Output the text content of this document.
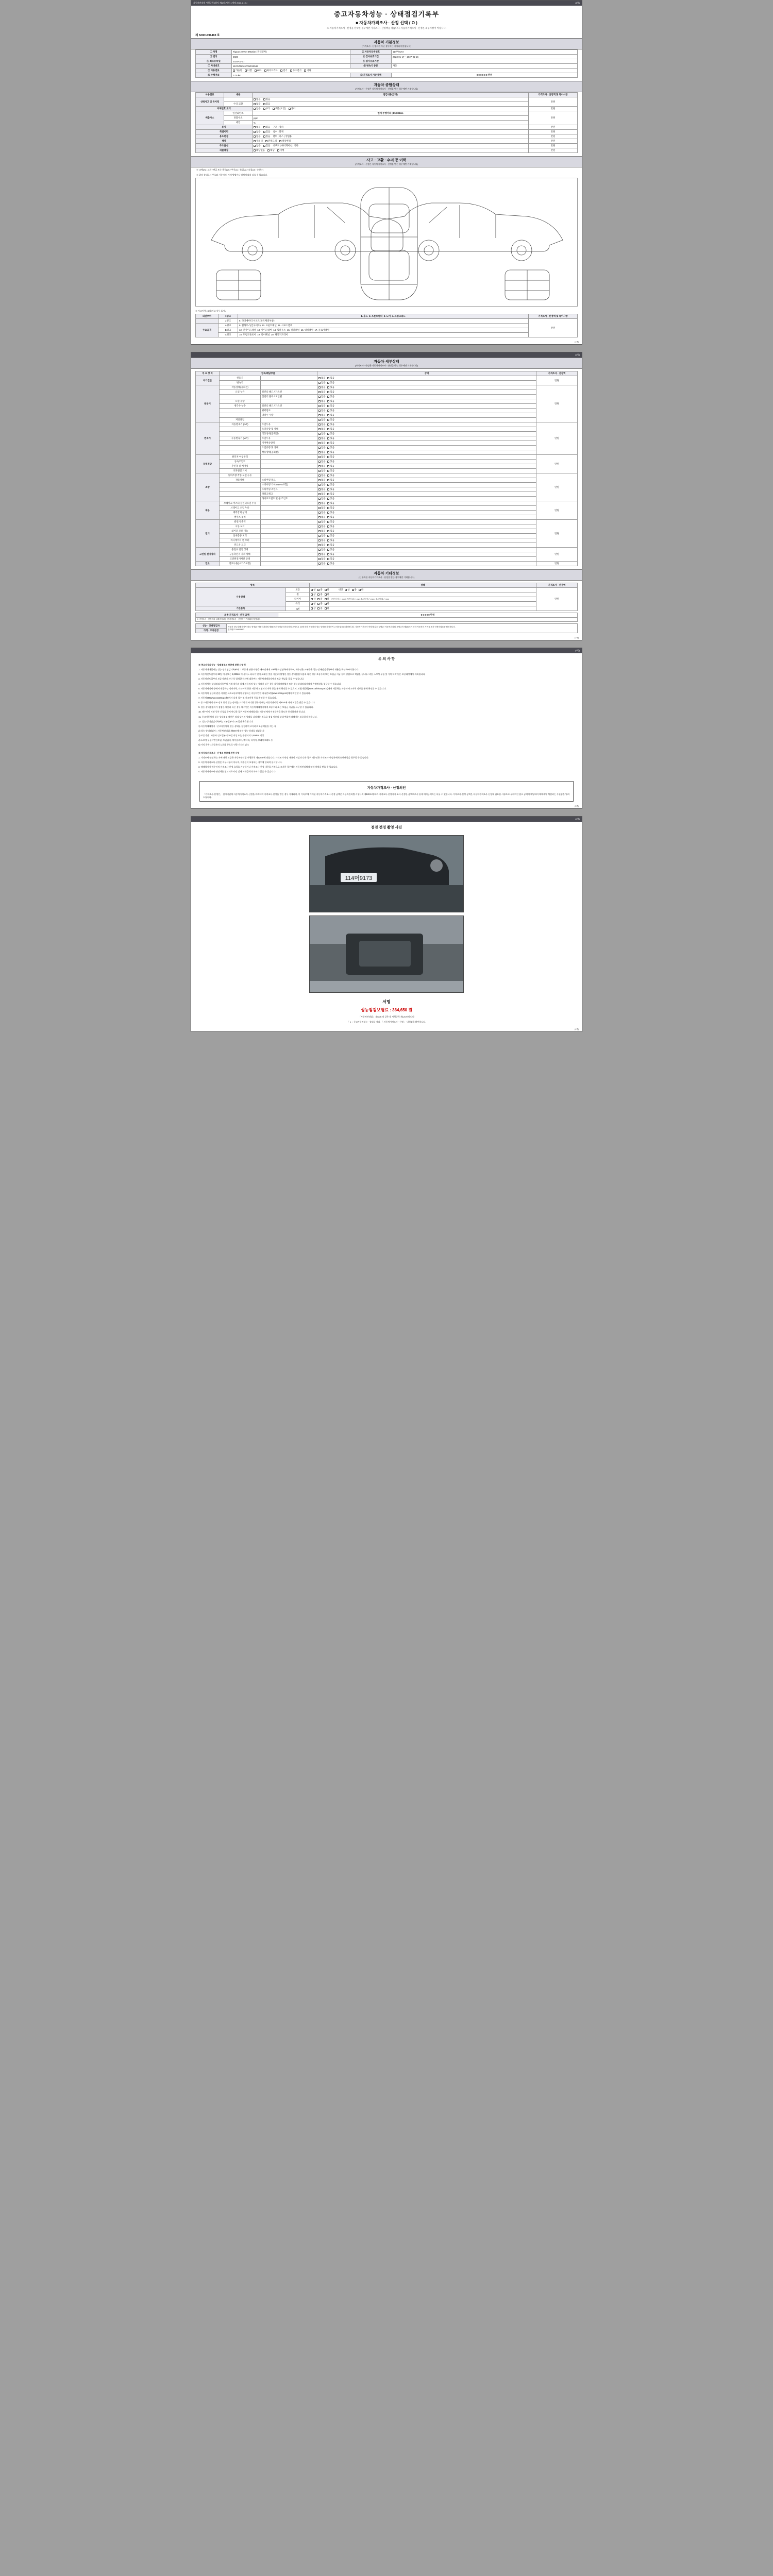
자동차관리법 시행규칙 [별지 제82호서식] <개정 2021.1.19.>	(1쪽)
중고자동차성능 · 상태점검기록부
■ 자동차가격조사 · 산정 선택 ( O )
※ 자동차가격조사 · 산정을 선택한 경우에만 가격조사 · 산정액을 적습니다. 자동차가격조사 · 산정은 의무사항이 아닙니다.
제 52001491483 호
자동차 기본정보
(가격조사 · 산정자가 아닌 경우에는 기재하지 않습니다)
① 차명	Tiguan 2.0TDI 4Motion (국내신차)	② 자동차등록번호	114머9173
③ 연식	2023	④ 검사유효기간	2023-01-17 ~ 2027-01-16
⑤ 최초등록일	2023-01-17	⑥ 검사유효기간	
⑦ 차대번호	WVGZZZ5NZPW012546	⑧ 변속기 종류	자동
⑨ 사용연료	가솔린 디젤 LPG 하이브리드 전기 수소전기 기타		
⑪ 주행거리	0 75 km	⑫ 가격조사 기준가액	0 0 0 0 0 0 만원
자동차 종합상태
(가격조사 · 산정은 자동차가격조사 · 산정을 받는 경우에만 기재합니다)
사용연료	내용	점검내용(상태)	가격조사 · 산정액 및 특이사항
선택사고 및 특이력		없음 있음	만원
	수리·교환	없음 있음	
자체번호 표기		없음 부식 훼손(오염) 상이	만원
배출가스	일산화탄소	현재 주행거리 | 85,989km	만원
	탄화수소	ppm	
	매연	%	
튜닝		없음 있음 구조 | 장치	만원
특별이력		없음 있음 침수 | 화재	만원
용도변경		없음 있음 렌트 | 리스 | 영업용	만원
색상		무채색 전체도색 색상변경	만원
주요옵션		없음 있음 선루프 | 내비게이션 | 기타	만원
리콜대상		해당없음 해당 이행	만원
사고 · 교환 · 수리 등 이력
(가격조사 · 산정은 자동차가격조사 · 산정을 받는 경우에만 기재합니다)
※ 교체(X) : 교환 / 판금 또는 용접(W) / 부식(C) / 흠집(A) / 요철(U) / 손상(T)
※ 위의 상태표시 부호와 기준이며, 기재 방법이나 범례에 따라 다를 수 있습니다.
※ 사고이력 (교차/사고 유무 표시)
외판부위	1랭크	1. 후드 2. 프론트휀더 3. 도어 4. 트렁크리드	가격조사 · 산정액 및 특이사항
	2랭크	5. 라디에이터 서포트(볼트체결부품)	만원
주요골격	A랭크	9. 휠하우스(인사이드) 10. 프론트패널 11. 크로스멤버	
	B랭크	12. 인사이드패널 13. 사이드멤버 14. 휠하우스 15. 필러패널 16. 대쉬패널 17. 플로어패널	
	C랭크	18. 트렁크플로어 19. 리어패널 20. 패키지트레이	
(1쪽)
(2쪽)
자동차 세부상태
(가격조사 · 산정은 자동차가격조사 · 산정을 받는 경우에만 기재합니다)
주 요 장 치	항목/해당부품		상태	가격조사 · 산정액
자기진단	원동기		없음 있음	만원
	변속기		없음 있음	
원동기	작동상태(공회전)		없음 있음	만원
	오일 누유	실린더 헤드 / 가스켓	없음 있음	
		실린더 블록 / 오일팬	없음 있음	
	오일 유량		없음 있음	
	냉각수 누수	실린더 헤드 / 가스켓	없음 있음	
		워터펌프	없음 있음	
		냉각수 수량	없음 있음	
	커먼레일		없음 있음	
변속기	자동변속기 (A/T)	오일누유	없음 있음	만원
		오일유량 및 상태	없음 있음	
		작동상태(공회전)	없음 있음	
	수동변속기 (M/T)	오일누유	없음 있음	
		기어변속장치	없음 있음	
		오일유량 및 상태	없음 있음	
		작동상태(공회전)	없음 있음	
동력전달	클러치 어셈블리		없음 있음	만원
	등속조인트		없음 있음	
	추진축 및 베어링		없음 있음	
	디퍼렌셜 기어		없음 있음	
조향	동력조향 작동 오일 누유		없음 있음	만원
	작동상태	스티어링 펌프	없음 있음	
		스티어링 기어(MDPS포함)	없음 있음	
		스티어링 조인트	없음 있음	
		파워크랭크	없음 있음	
		타이로드엔드 및 볼 조인트	없음 있음	
제동	브레이크 마스터 실린더오일 누유		없음 있음	만원
	브레이크 오일 누유		없음 있음	
	배력장치 상태		없음 있음	
	밸런스 롤러		없음 있음	
전기	발전기 출력		없음 있음	만원
	시동 모터		없음 있음	
	와이퍼 모터 기능		없음 있음	
	실내송풍 모터		없음 있음	
	라디에이터 팬 모터		없음 있음	
	윈도우 모터		없음 있음	
고전원 전기장치	충전구 절연 상태		없음 있음	만원
	구동축전지 격리 상태		없음 있음	
	고전원전기배선 상태		없음 있음	
연료	연료누출(LP가스포함)		없음 있음	만원
자동차 기타정보
(1) 항목은 자동차가격조사 · 산정을 받는 경우에만 기재합니다)
항목		상태	가격조사 · 산정액
사용상태	외장	상 중 하 내장 상 중 하	만원
	휠	상 중 하	
	타이어	상 중 하 운전석 앞 ( ) mm / 운전석 뒤 ( ) mm 조수석 앞 ( ) mm / 조수석 뒤 ( ) mm	
	유리	상 중 하	
기본품목	руб	상 중 하	
최종 가격조사 · 산정 금액	0 0 0 0 0 만원
※ 가격조사 · 산정자의 실제점검내용 및 가격조사 · 산정액이 기재되어야 합니다.
성능 · 상태점검자	자동차 성능상태 점검자(상호·성명)는 자동차관리법 제58조(자동차관리사업자의 고지의무 등)에 따라 자동차의 성능·상태를 점검하여 고지하였음을 확인합니다. 자동차가격조사·산정자(상호·성명)는 자동차관리법 시행규칙 제120조에 따라 자동차의 가격을 조사·산정하였음을 확인합니다.
전화번호 1644-0603

가격 · 조사산정
(2쪽)
(3쪽)
유 의 사 항

※ 중고자동차성능 · 상태점검의 보증에 관한 사항 등

1. 자동차매매업자는 성능·상태점검기록부와 그 보증에 관한 사항을 매수인에게 교부하고 설명하여야 하며, 매수인은 교부받은 성능·상태점검기록부의 내용을 확인하여야 합니다.

2. 자동차인도일부터 30일 이내 또는 2,000km 이내(어느 하나가 먼저 도래한 것을 기준)에 발생한 성능·상태점검 내용과 다른 경우 보증수리 또는 보험금 지급 등의 방법으로 책임을 집니다. 다만, 소모성 부품 및 가치 하락 등은 보증대상에서 제외됩니다.

3. 자동차인도일부터 보증기간이 지난 후 발생한 하자에 대하여는 자동차매매업자에게 보증 책임을 물을 수 없습니다.

4. 자동차성능·상태점검기록부의 기재 내용과 실제 자동차의 성능·상태가 다른 경우 자동차매매업자 또는 성능상태점검자에게 손해배상을 청구할 수 있습니다.

5. 자동차제작사 등에서 제공하는 정비이력, 사고이력 등은 자동차 보험처리 이력 등을 통해 확인할 수 있으며, 보험개발원(www.carhistory.or.kr)에서 제공하는 자동차 사고이력 정보를 통해 확인할 수 있습니다.

6. 자동차의 성능에 관한 사항은 국토교통부에서 운영하는 자동차민원 대국민포털(www.ecar.go.kr)에서 확인할 수 있습니다.

7. 자동차365(www.car365.go.kr)에서 실제 침수 및 사고이력 등을 확인할 수 있습니다.

8. 중고자동차의 구조·장치 등의 성능·상태를 고지하지 아니한 경우 등에는 자동차관리법 제80조에 따라 처벌을 받을 수 있습니다.

9. 성능·상태점검자가 점검한 내용과 다른 경우 매수인은 자동차매매업자에게 보증수리 또는 보험금 지급을 요구할 수 있습니다.

10. 매수인이 이전 등록 신청을 하지 아니한 경우 자동차매매업자는 매수인에게 이전등록을 하도록 통지하여야 합니다.

11. 중고자동차의 성능·상태점검 내용은 점검 당시의 상태를 나타내는 것으로 점검 이후의 상태 변화에 대해서는 보증하지 않습니다.

12. 성능·상태점검기록부는 교부일부터 120일간 유효합니다.

1) 자동차매매업자 : 중고자동차의 성능·상태를 점검하여 고지하고 보증책임을 지는 자

2) 성능·상태점검자 : 자동차관리법 제58조에 따라 성능·상태를 점검한 자

3) 보증기간 : 자동차 인도일부터 30일 이상 또는 주행거리 2,000km 이상

4) 소모성 부품 : 엔진오일, 오일필터, 에어클리너, 배터리, 타이어, 브레이크패드 등

5) 가치 하락 : 자동차의 노후화 등으로 인한 가치의 감소

※ 자동차가격조사 · 산정의 보증에 관한 사항

1. 가격조사·산정하는 자에 대한 보증은 자동차관리법 시행규칙 제120조에 따릅니다. 가격조사·산정 내용이 사실과 다른 경우 매수인은 가격조사·산정자에게 손해배상을 청구할 수 있습니다.

2. 자동차가격조사·산정은 의무사항이 아니며, 매수인이 요청하는 경우에 한하여 실시합니다.

3. 매매업자가 매수인의 가격조사·산정 요청을 거부하거나 가격조사·산정 내용을 거짓으로 고지한 경우에는 자동차관리법에 따라 처벌을 받을 수 있습니다.

4. 자동차가격조사·산정액은 참고자료이며, 실제 거래금액과 차이가 있을 수 있습니다.

자동차가격조사 · 산정의인
「가격조사·산정인」 실시기관에 자동차가격조사·산정을 의뢰하여 가격조사·산정을 받은 경우 기재하며, 이 기록부에 기재된 자동차가격조사·산정 금액은 자동차관리법 시행규칙 제120조에 따라 가격조사·산정자가 조사·산정한 금액으로서 실제 매매금액과는 다를 수 있습니다. 가격조사·산정 금액은 자동차가격조사·산정에 필요한 사항으로 구하여진 참고 금액에 해당하며 매매계약 체결과는 무관함을 알려드립니다.
(3쪽)
(4쪽)
점검 전경 촬영 사진
114머9173
서명
성능점검보험료 : 364,650 원
「자동차관리법」 제58조 및 같은 법 시행규칙 제120조에 따라
「 1 」중고자동차성능 · 상태를 점검, 「 자동차가격조사 · 산정 」 내역검을 확인합니다.
(4쪽)
